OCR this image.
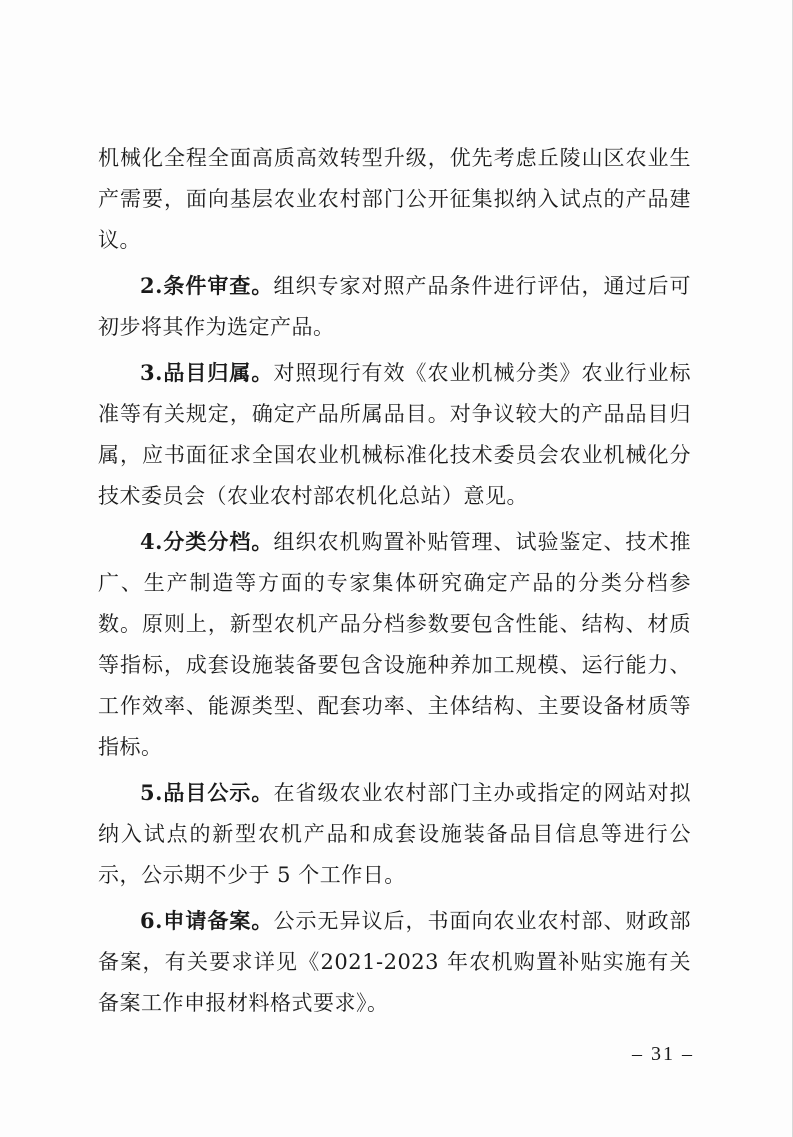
机械化全程全面高质高效转型升级，优先考虑丘陵山区农业生产需要，面向基层农业农村部门公开征集拟纳入试点的产品建议。

2.条件审查。组织专家对照产品条件进行评估，通过后可初步将其作为选定产品。

3.品目归属。对照现行有效《农业机械分类》农业行业标准等有关规定，确定产品所属品目。对争议较大的产品品目归属，应书面征求全国农业机械标准化技术委员会农业机械化分技术委员会（农业农村部农机化总站）意见。

4.分类分档。组织农机购置补贴管理、试验鉴定、技术推广、生产制造等方面的专家集体研究确定产品的分类分档参数。原则上，新型农机产品分档参数要包含性能、结构、材质等指标，成套设施装备要包含设施种养加工规模、运行能力、工作效率、能源类型、配套功率、主体结构、主要设备材质等指标。

5.品目公示。在省级农业农村部门主办或指定的网站对拟纳入试点的新型农机产品和成套设施装备品目信息等进行公示，公示期不少于 5 个工作日。

6.申请备案。公示无异议后，书面向农业农村部、财政部备案，有关要求详见《2021-2023 年农机购置补贴实施有关备案工作申报材料格式要求》。

– 31 –
